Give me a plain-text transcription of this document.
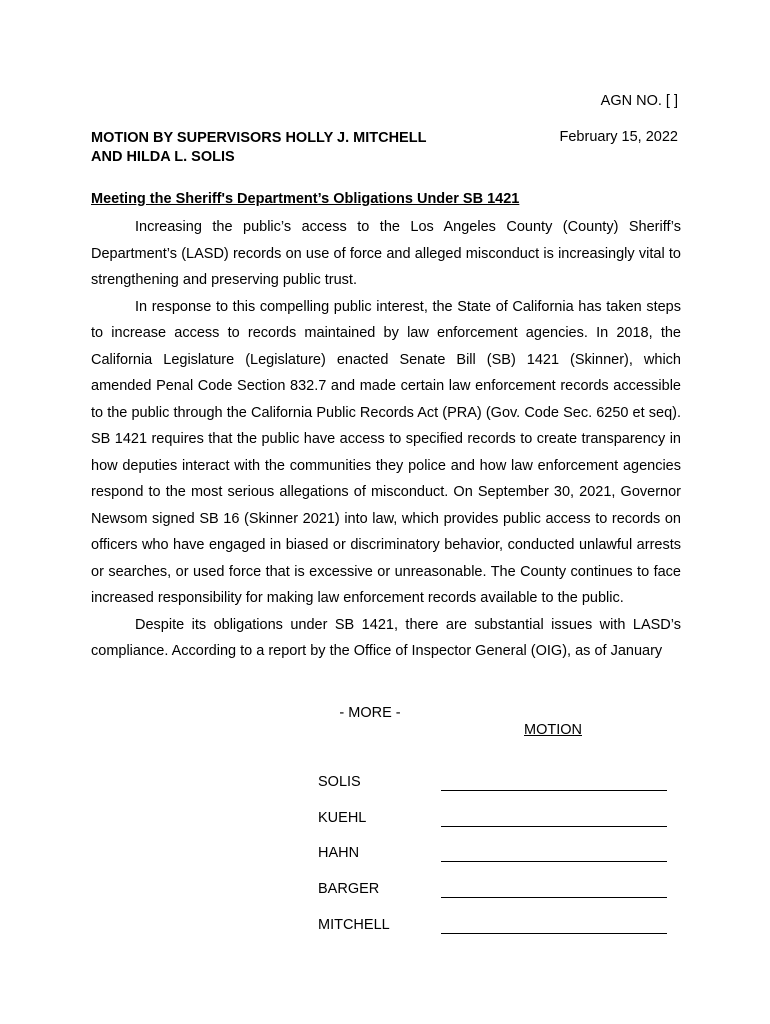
AGN NO. [ ]
MOTION BY SUPERVISORS HOLLY J. MITCHELL
AND HILDA L. SOLIS
February 15, 2022
Meeting the Sheriff's Department’s Obligations Under SB 1421

Increasing the public’s access to the Los Angeles County (County) Sheriff’s Department’s (LASD) records on use of force and alleged misconduct is increasingly vital to strengthening and preserving public trust.

In response to this compelling public interest, the State of California has taken steps to increase access to records maintained by law enforcement agencies. In 2018, the California Legislature (Legislature) enacted Senate Bill (SB) 1421 (Skinner), which amended Penal Code Section 832.7 and made certain law enforcement records accessible to the public through the California Public Records Act (PRA) (Gov. Code Sec. 6250 et seq). SB 1421 requires that the public have access to specified records to create transparency in how deputies interact with the communities they police and how law enforcement agencies respond to the most serious allegations of misconduct. On September 30, 2021, Governor Newsom signed SB 16 (Skinner 2021) into law, which provides public access to records on officers who have engaged in biased or discriminatory behavior, conducted unlawful arrests or searches, or used force that is excessive or unreasonable. The County continues to face increased responsibility for making law enforcement records available to the public.

Despite its obligations under SB 1421, there are substantial issues with LASD’s compliance. According to a report by the Office of Inspector General (OIG), as of January

- MORE -
MOTION
SOLIS
KUEHL
HAHN
BARGER
MITCHELL
